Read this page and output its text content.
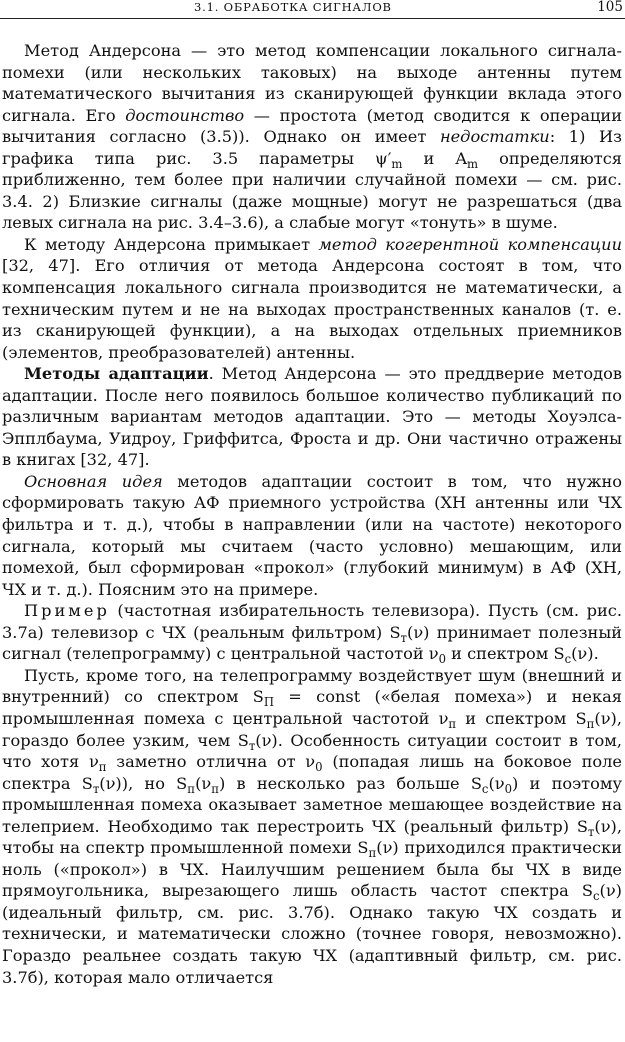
3.1. ОБРАБОТКА СИГНАЛОВ	105

Метод Андерсона — это метод компенсации локального сигнала-помехи (или нескольких таковых) на выходе антенны путем математического вычитания из сканирующей функции вклада этого сигнала. Его достоинство — простота (метод сводится к операции вычитания согласно (3.5)). Однако он имеет недостатки: 1) Из графика типа рис. 3.5 параметры $\psi'_m$ и $A_m$ определяются приближенно, тем более при наличии случайной помехи — см. рис. 3.4. 2) Близкие сигналы (даже мощные) могут не разрешаться (два левых сигнала на рис. 3.4–3.6), а слабые могут «тонуть» в шуме.

К методу Андерсона примыкает метод когерентной компенсации [32, 47]. Его отличия от метода Андерсона состоят в том, что компенсация локального сигнала производится не математически, а техническим путем и не на выходах пространственных каналов (т. е. из сканирующей функции), а на выходах отдельных приемников (элементов, преобразователей) антенны.

Методы адаптации. Метод Андерсона — это преддверие методов адаптации. После него появилось большое количество публикаций по различным вариантам методов адаптации. Это — методы Хоуэлса-Эпплбаума, Уидроу, Гриффитса, Фроста и др. Они частично отражены в книгах [32, 47].

Основная идея методов адаптации состоит в том, что нужно сформировать такую АФ приемного устройства (ХН антенны или ЧХ фильтра и т. д.), чтобы в направлении (или на частоте) некоторого сигнала, который мы считаем (часто условно) мешающим, или помехой, был сформирован «прокол» (глубокий минимум) в АФ (ХН, ЧХ и т. д.). Поясним это на примере.

Пример (частотная избирательность телевизора). Пусть (см. рис. 3.7а) телевизор с ЧХ (реальным фильтром) $S_т(\nu)$ принимает полезный сигнал (телепрограмму) с центральной частотой $\nu_0$ и спектром $S_с(\nu)$.

Пусть, кроме того, на телепрограмму воздействует шум (внешний и внутренний) со спектром $S_П$ = const («белая помеха») и некая промышленная помеха с центральной частотой $\nu_п$ и спектром $S_п(\nu)$, гораздо более узким, чем $S_т(\nu)$. Особенность ситуации состоит в том, что хотя $\nu_п$ заметно отлична от $\nu_0$ (попадая лишь на боковое поле спектра $S_т(\nu)$), но $S_п(\nu_п)$ в несколько раз больше $S_с(\nu_0)$ и поэтому промышленная помеха оказывает заметное мешающее воздействие на телеприем. Необходимо так перестроить ЧХ (реальный фильтр) $S_т(\nu)$, чтобы на спектр промышленной помехи $S_п(\nu)$ приходился практически ноль («прокол») в ЧХ. Наилучшим решением была бы ЧХ в виде прямоугольника, вырезающего лишь область частот спектра $S_с(\nu)$ (идеальный фильтр, см. рис. 3.7б). Однако такую ЧХ создать и технически, и математически сложно (точнее говоря, невозможно). Гораздо реальнее создать такую ЧХ (адаптивный фильтр, см. рис. 3.7б), которая мало отличается
